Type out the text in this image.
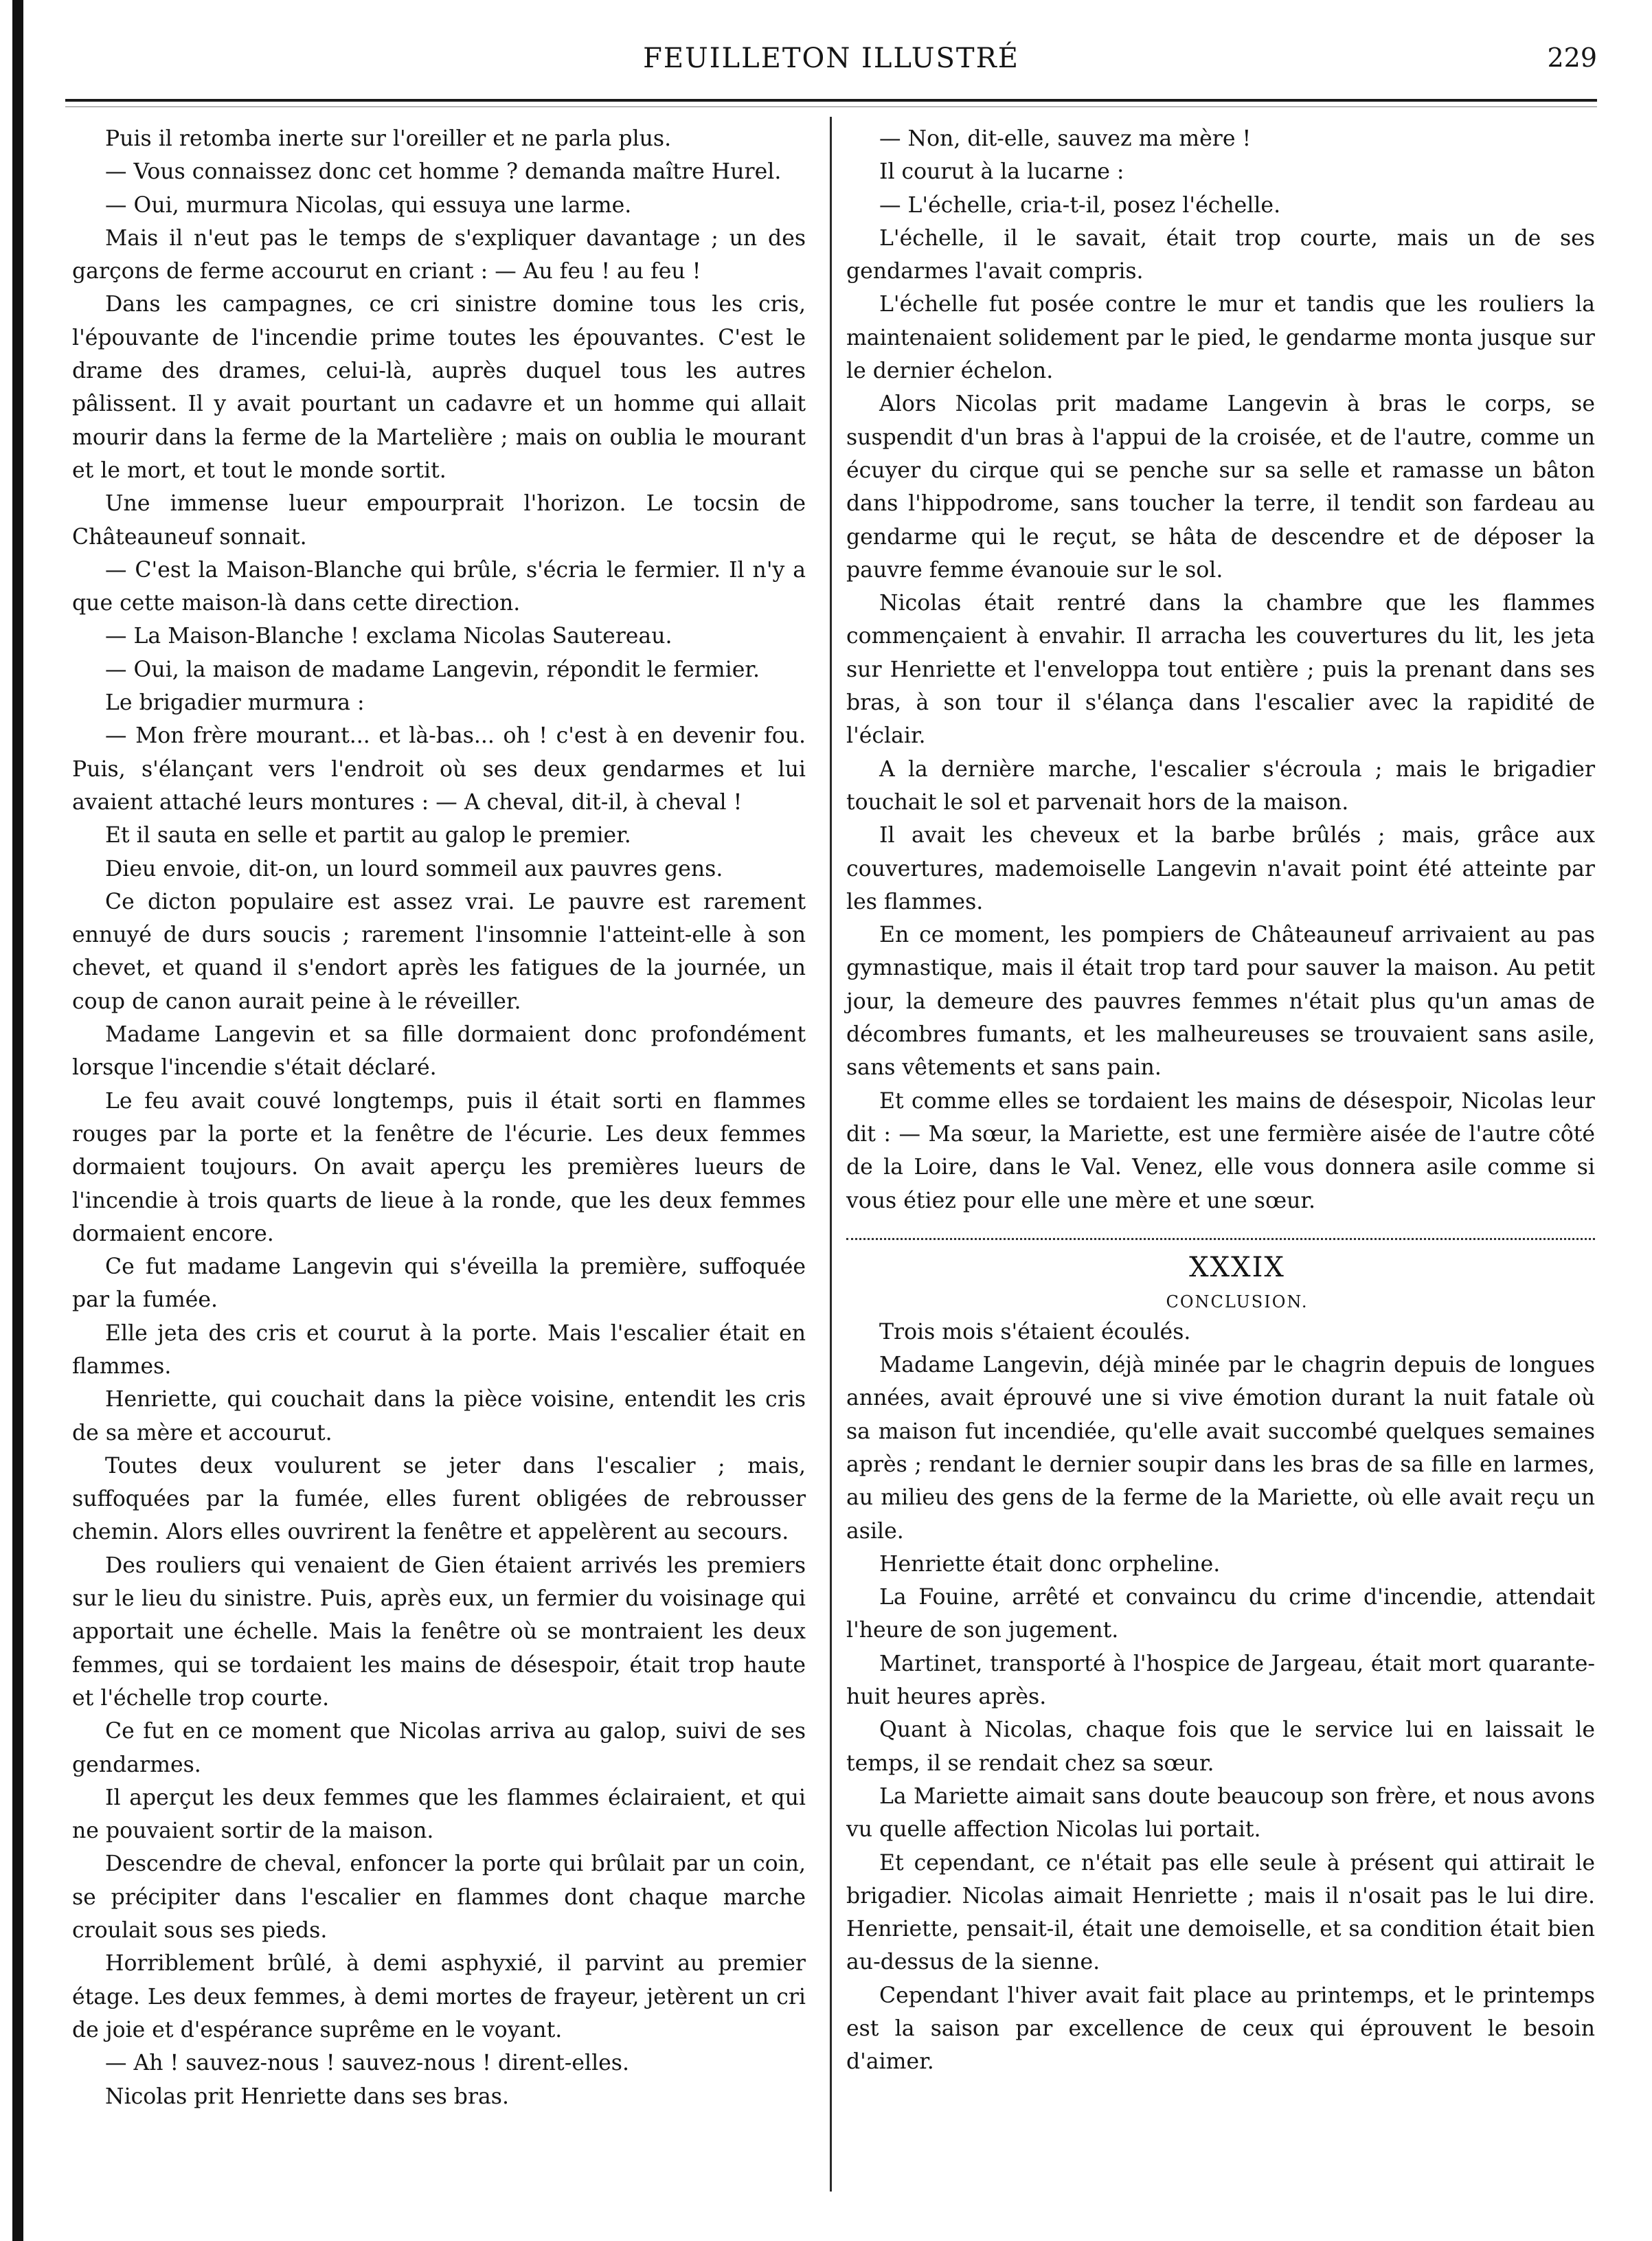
FEUILLETON ILLUSTRÉ	229

Puis il retomba inerte sur l'oreiller et ne parla plus.

— Vous connaissez donc cet homme ? demanda maître Hurel.

— Oui, murmura Nicolas, qui essuya une larme.

Mais il n'eut pas le temps de s'expliquer davantage ; un des garçons de ferme accourut en criant : — Au feu ! au feu !

Dans les campagnes, ce cri sinistre domine tous les cris, l'épouvante de l'incendie prime toutes les épouvantes. C'est le drame des drames, celui-là, auprès duquel tous les autres pâlissent. Il y avait pourtant un cadavre et un homme qui allait mourir dans la ferme de la Martelière ; mais on oublia le mourant et le mort, et tout le monde sortit.

Une immense lueur empourprait l'horizon. Le tocsin de Châteauneuf sonnait.

— C'est la Maison-Blanche qui brûle, s'écria le fermier. Il n'y a que cette maison-là dans cette direction.

— La Maison-Blanche ! exclama Nicolas Sautereau.

— Oui, la maison de madame Langevin, répondit le fermier.

Le brigadier murmura :

— Mon frère mourant... et là-bas... oh ! c'est à en devenir fou. Puis, s'élançant vers l'endroit où ses deux gendarmes et lui avaient attaché leurs montures : — A cheval, dit-il, à cheval !

Et il sauta en selle et partit au galop le premier.

Dieu envoie, dit-on, un lourd sommeil aux pauvres gens.

Ce dicton populaire est assez vrai. Le pauvre est rarement ennuyé de durs soucis ; rarement l'insomnie l'atteint-elle à son chevet, et quand il s'endort après les fatigues de la journée, un coup de canon aurait peine à le réveiller.

Madame Langevin et sa fille dormaient donc profondément lorsque l'incendie s'était déclaré.

Le feu avait couvé longtemps, puis il était sorti en flammes rouges par la porte et la fenêtre de l'écurie. Les deux femmes dormaient toujours. On avait aperçu les premières lueurs de l'incendie à trois quarts de lieue à la ronde, que les deux femmes dormaient encore.

Ce fut madame Langevin qui s'éveilla la première, suffoquée par la fumée.

Elle jeta des cris et courut à la porte. Mais l'escalier était en flammes.

Henriette, qui couchait dans la pièce voisine, entendit les cris de sa mère et accourut.

Toutes deux voulurent se jeter dans l'escalier ; mais, suffoquées par la fumée, elles furent obligées de rebrousser chemin. Alors elles ouvrirent la fenêtre et appelèrent au secours.

Des rouliers qui venaient de Gien étaient arrivés les premiers sur le lieu du sinistre. Puis, après eux, un fermier du voisinage qui apportait une échelle. Mais la fenêtre où se montraient les deux femmes, qui se tordaient les mains de désespoir, était trop haute et l'échelle trop courte.

Ce fut en ce moment que Nicolas arriva au galop, suivi de ses gendarmes.

Il aperçut les deux femmes que les flammes éclairaient, et qui ne pouvaient sortir de la maison.

Descendre de cheval, enfoncer la porte qui brûlait par un coin, se précipiter dans l'escalier en flammes dont chaque marche croulait sous ses pieds.

Horriblement brûlé, à demi asphyxié, il parvint au premier étage. Les deux femmes, à demi mortes de frayeur, jetèrent un cri de joie et d'espérance suprême en le voyant.

— Ah ! sauvez-nous ! sauvez-nous ! dirent-elles.

Nicolas prit Henriette dans ses bras.

— Non, dit-elle, sauvez ma mère !

Il courut à la lucarne :

— L'échelle, cria-t-il, posez l'échelle.

L'échelle, il le savait, était trop courte, mais un de ses gendarmes l'avait compris.

L'échelle fut posée contre le mur et tandis que les rouliers la maintenaient solidement par le pied, le gendarme monta jusque sur le dernier échelon.

Alors Nicolas prit madame Langevin à bras le corps, se suspendit d'un bras à l'appui de la croisée, et de l'autre, comme un écuyer du cirque qui se penche sur sa selle et ramasse un bâton dans l'hippodrome, sans toucher la terre, il tendit son fardeau au gendarme qui le reçut, se hâta de descendre et de déposer la pauvre femme évanouie sur le sol.

Nicolas était rentré dans la chambre que les flammes commençaient à envahir. Il arracha les couvertures du lit, les jeta sur Henriette et l'enveloppa tout entière ; puis la prenant dans ses bras, à son tour il s'élança dans l'escalier avec la rapidité de l'éclair.

A la dernière marche, l'escalier s'écroula ; mais le brigadier touchait le sol et parvenait hors de la maison.

Il avait les cheveux et la barbe brûlés ; mais, grâce aux couvertures, mademoiselle Langevin n'avait point été atteinte par les flammes.

En ce moment, les pompiers de Châteauneuf arrivaient au pas gymnastique, mais il était trop tard pour sauver la maison. Au petit jour, la demeure des pauvres femmes n'était plus qu'un amas de décombres fumants, et les malheureuses se trouvaient sans asile, sans vêtements et sans pain.

Et comme elles se tordaient les mains de désespoir, Nicolas leur dit : — Ma sœur, la Mariette, est une fermière aisée de l'autre côté de la Loire, dans le Val. Venez, elle vous donnera asile comme si vous étiez pour elle une mère et une sœur.

XXXIX

CONCLUSION.

Trois mois s'étaient écoulés.

Madame Langevin, déjà minée par le chagrin depuis de longues années, avait éprouvé une si vive émotion durant la nuit fatale où sa maison fut incendiée, qu'elle avait succombé quelques semaines après ; rendant le dernier soupir dans les bras de sa fille en larmes, au milieu des gens de la ferme de la Mariette, où elle avait reçu un asile.

Henriette était donc orpheline.

La Fouine, arrêté et convaincu du crime d'incendie, attendait l'heure de son jugement.

Martinet, transporté à l'hospice de Jargeau, était mort quarante-huit heures après.

Quant à Nicolas, chaque fois que le service lui en laissait le temps, il se rendait chez sa sœur.

La Mariette aimait sans doute beaucoup son frère, et nous avons vu quelle affection Nicolas lui portait.

Et cependant, ce n'était pas elle seule à présent qui attirait le brigadier. Nicolas aimait Henriette ; mais il n'osait pas le lui dire. Henriette, pensait-il, était une demoiselle, et sa condition était bien au-dessus de la sienne.

Cependant l'hiver avait fait place au printemps, et le printemps est la saison par excellence de ceux qui éprouvent le besoin d'aimer.
